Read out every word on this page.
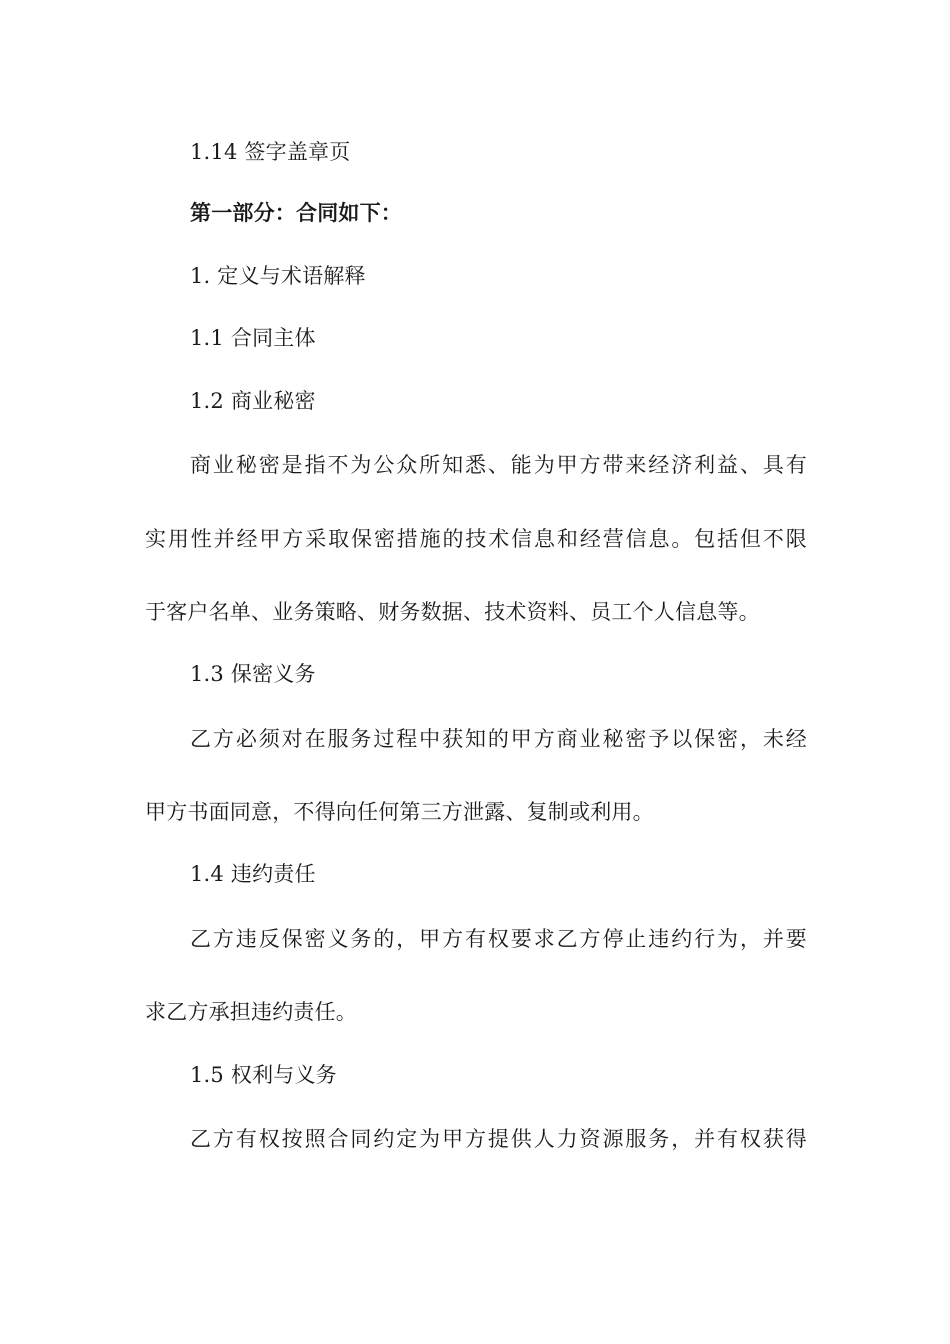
1.14 签字盖章页
第一部分：合同如下：
1. 定义与术语解释
1.1 合同主体
1.2 商业秘密
商业秘密是指不为公众所知悉、能为甲方带来经济利益、具有
实用性并经甲方采取保密措施的技术信息和经营信息。包括但不限
于客户名单、业务策略、财务数据、技术资料、员工个人信息等。
1.3 保密义务
乙方必须对在服务过程中获知的甲方商业秘密予以保密，未经
甲方书面同意，不得向任何第三方泄露、复制或利用。
1.4 违约责任
乙方违反保密义务的，甲方有权要求乙方停止违约行为，并要
求乙方承担违约责任。
1.5 权利与义务
乙方有权按照合同约定为甲方提供人力资源服务，并有权获得
